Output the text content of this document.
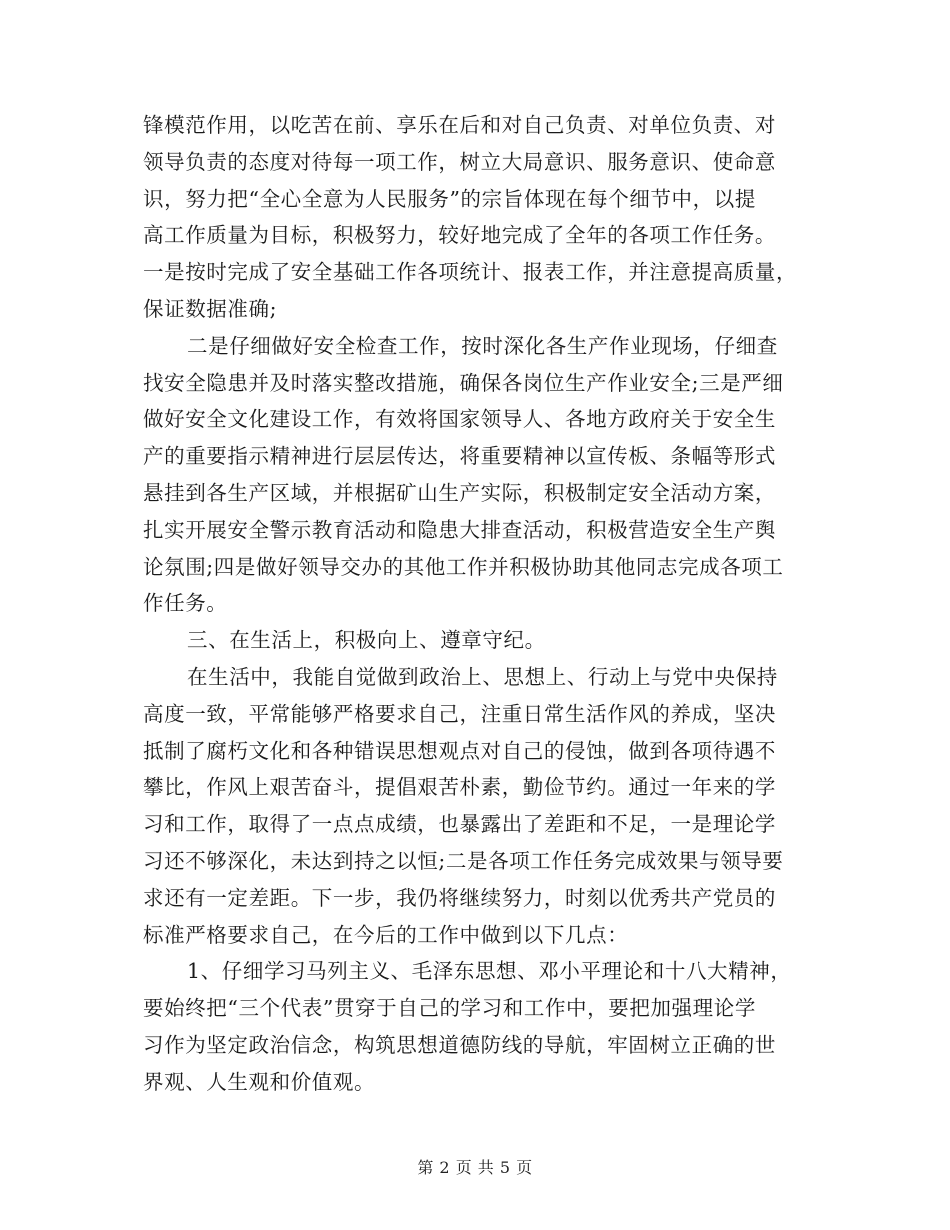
锋模范作用，以吃苦在前、享乐在后和对自己负责、对单位负责、对
领导负责的态度对待每一项工作，树立大局意识、服务意识、使命意
识，努力把“全心全意为人民服务”的宗旨体现在每个细节中，以提
高工作质量为目标，积极努力，较好地完成了全年的各项工作任务。
一是按时完成了安全基础工作各项统计、报表工作，并注意提高质量，
保证数据准确;
二是仔细做好安全检查工作，按时深化各生产作业现场，仔细查
找安全隐患并及时落实整改措施，确保各岗位生产作业安全;三是严细
做好安全文化建设工作，有效将国家领导人、各地方政府关于安全生
产的重要指示精神进行层层传达，将重要精神以宣传板、条幅等形式
悬挂到各生产区域，并根据矿山生产实际，积极制定安全活动方案，
扎实开展安全警示教育活动和隐患大排查活动，积极营造安全生产舆
论氛围;四是做好领导交办的其他工作并积极协助其他同志完成各项工
作任务。
三、在生活上，积极向上、遵章守纪。
在生活中，我能自觉做到政治上、思想上、行动上与党中央保持
高度一致，平常能够严格要求自己，注重日常生活作风的养成，坚决
抵制了腐朽文化和各种错误思想观点对自己的侵蚀，做到各项待遇不
攀比，作风上艰苦奋斗，提倡艰苦朴素，勤俭节约。通过一年来的学
习和工作，取得了一点点成绩，也暴露出了差距和不足，一是理论学
习还不够深化，未达到持之以恒;二是各项工作任务完成效果与领导要
求还有一定差距。下一步，我仍将继续努力，时刻以优秀共产党员的
标准严格要求自己，在今后的工作中做到以下几点：
1、仔细学习马列主义、毛泽东思想、邓小平理论和十八大精神，
要始终把“三个代表”贯穿于自己的学习和工作中，要把加强理论学
习作为坚定政治信念，构筑思想道德防线的导航，牢固树立正确的世
界观、人生观和价值观。
第 2 页 共 5 页
